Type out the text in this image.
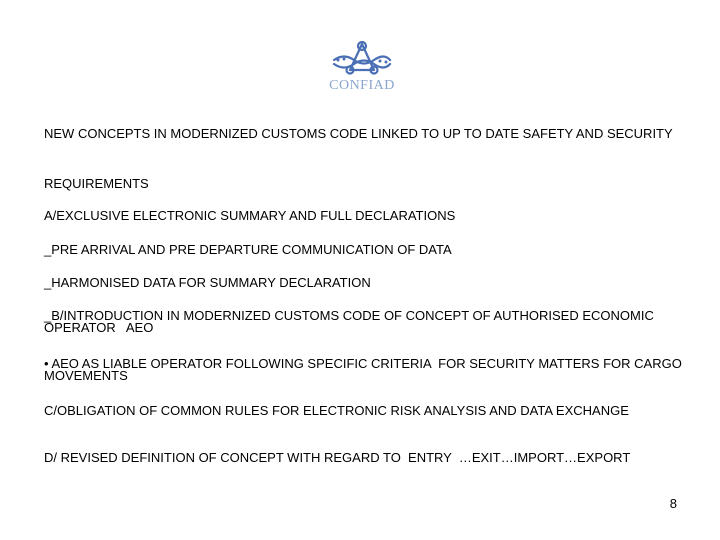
CONFIAD
NEW CONCEPTS IN MODERNIZED CUSTOMS CODE LINKED TO UP TO DATE SAFETY AND SECURITY
REQUIREMENTS
A/EXCLUSIVE ELECTRONIC SUMMARY AND FULL DECLARATIONS
_PRE ARRIVAL AND PRE DEPARTURE COMMUNICATION OF DATA
_HARMONISED DATA FOR SUMMARY DECLARATION
_B/INTRODUCTION IN MODERNIZED CUSTOMS CODE OF CONCEPT OF AUTHORISED ECONOMIC OPERATOR   AEO
• AEO AS LIABLE OPERATOR FOLLOWING SPECIFIC CRITERIA  FOR SECURITY MATTERS FOR CARGO MOVEMENTS
C/OBLIGATION OF COMMON RULES FOR ELECTRONIC RISK ANALYSIS AND DATA EXCHANGE
D/ REVISED DEFINITION OF CONCEPT WITH REGARD TO  ENTRY  …EXIT…IMPORT…EXPORT
8
